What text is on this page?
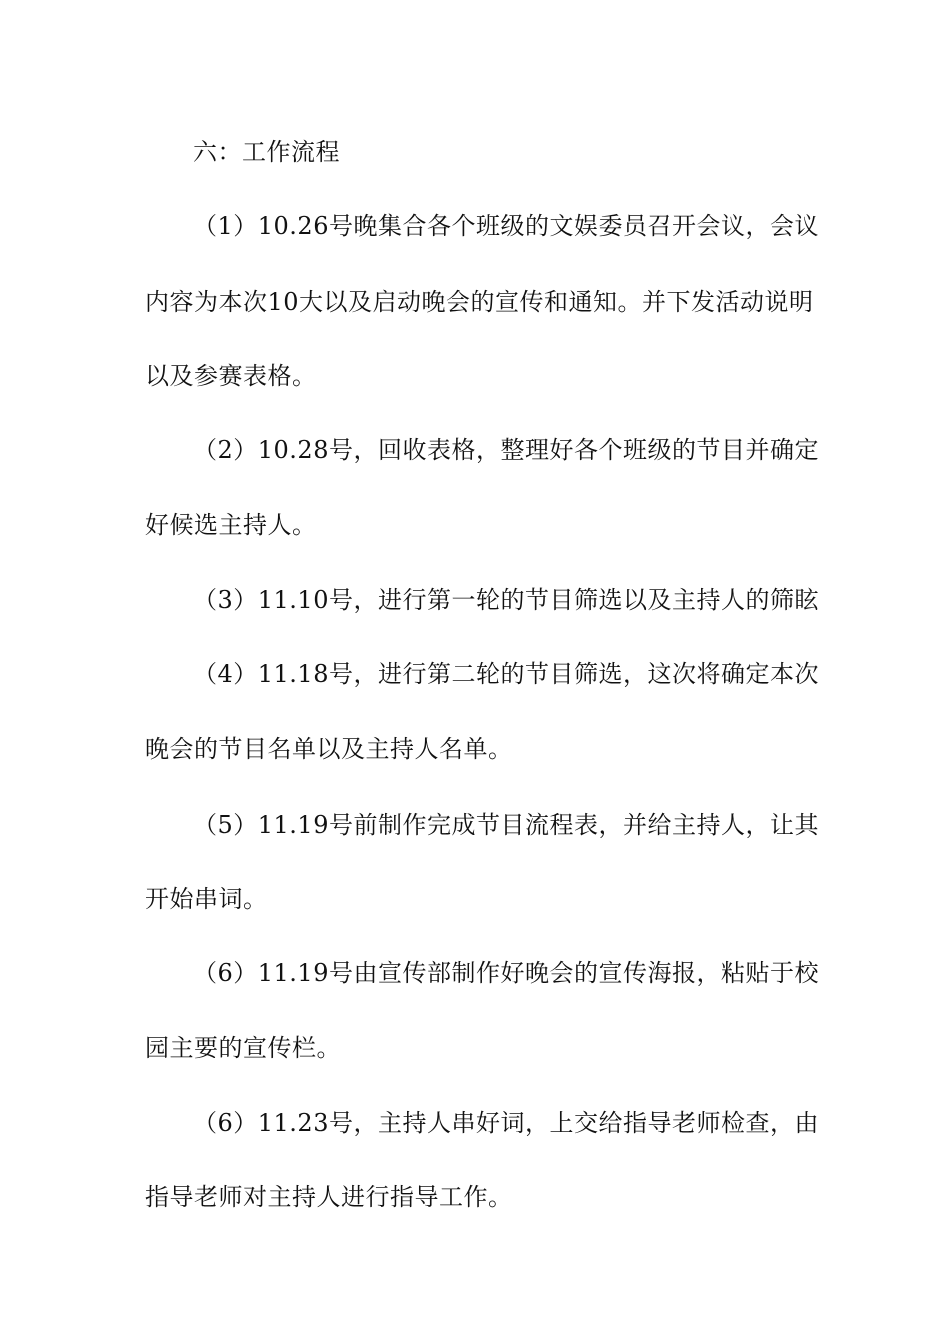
六：工作流程
（1）10.26号晚集合各个班级的文娱委员召开会议，会议
内容为本次10大以及启动晚会的宣传和通知。并下发活动说明
以及参赛表格。
（2）10.28号，回收表格，整理好各个班级的节目并确定
好候选主持人。
（3）11.10号，进行第一轮的节目筛选以及主持人的筛眩
（4）11.18号，进行第二轮的节目筛选，这次将确定本次
晚会的节目名单以及主持人名单。
（5）11.19号前制作完成节目流程表，并给主持人，让其
开始串词。
（6）11.19号由宣传部制作好晚会的宣传海报，粘贴于校
园主要的宣传栏。
（6）11.23号，主持人串好词，上交给指导老师检查，由
指导老师对主持人进行指导工作。
